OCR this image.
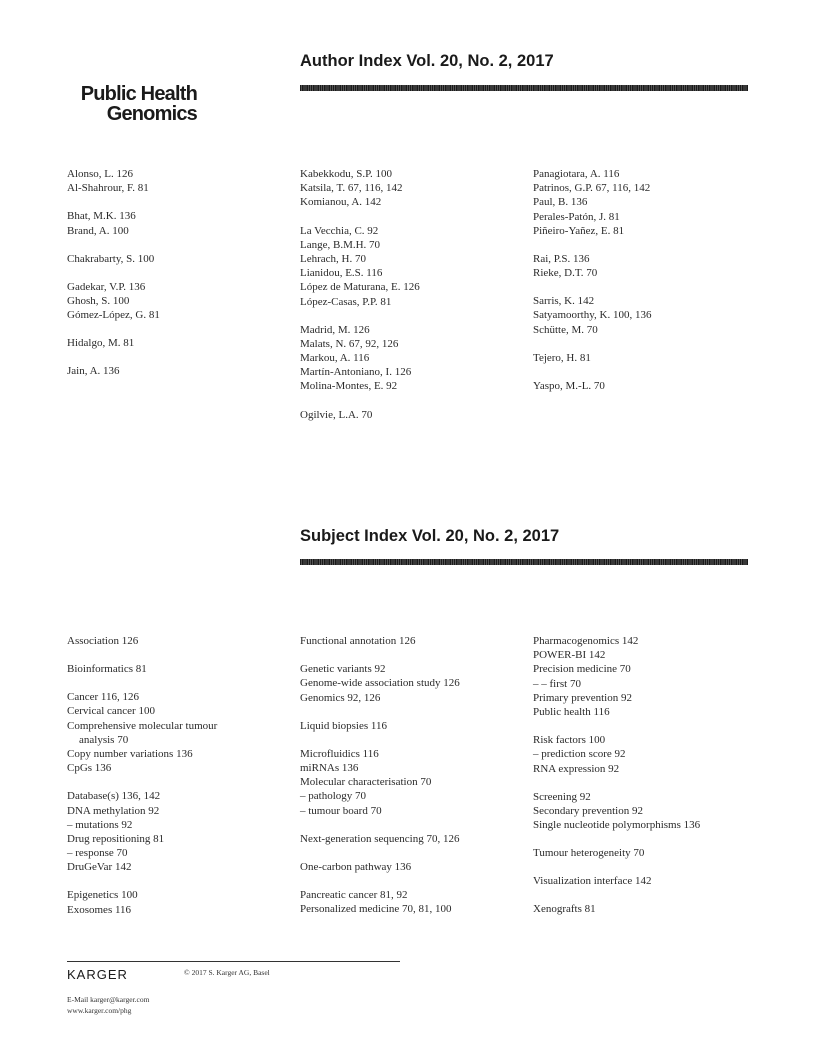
Public Health
Genomics
Author Index Vol. 20, No. 2, 2017
Alonso, L. 126
Al-Shahrour, F. 81
Bhat, M.K. 136
Brand, A. 100
Chakrabarty, S. 100
Gadekar, V.P. 136
Ghosh, S. 100
Gómez-López, G. 81
Hidalgo, M. 81
Jain, A. 136
Kabekkodu, S.P. 100
Katsila, T. 67, 116, 142
Komianou, A. 142
La Vecchia, C. 92
Lange, B.M.H. 70
Lehrach, H. 70
Lianidou, E.S. 116
López de Maturana, E. 126
López-Casas, P.P. 81
Madrid, M. 126
Malats, N. 67, 92, 126
Markou, A. 116
Martín-Antoniano, I. 126
Molina-Montes, E. 92
Ogilvie, L.A. 70
Panagiotara, A. 116
Patrinos, G.P. 67, 116, 142
Paul, B. 136
Perales-Patón, J. 81
Piñeiro-Yañez, E. 81
Rai, P.S. 136
Rieke, D.T. 70
Sarris, K. 142
Satyamoorthy, K. 100, 136
Schütte, M. 70
Tejero, H. 81
Yaspo, M.-L. 70
Subject Index Vol. 20, No. 2, 2017
Association 126
Bioinformatics 81
Cancer 116, 126
Cervical cancer 100
Comprehensive molecular tumour
analysis 70
Copy number variations 136
CpGs 136
Database(s) 136, 142
DNA methylation 92
– mutations 92
Drug repositioning 81
– response 70
DruGeVar 142
Epigenetics 100
Exosomes 116
Functional annotation 126
Genetic variants 92
Genome-wide association study 126
Genomics 92, 126
Liquid biopsies 116
Microfluidics 116
miRNAs 136
Molecular characterisation 70
– pathology 70
– tumour board 70
Next-generation sequencing 70, 126
One-carbon pathway 136
Pancreatic cancer 81, 92
Personalized medicine 70, 81, 100
Pharmacogenomics 142
POWER-BI 142
Precision medicine 70
– – first 70
Primary prevention 92
Public health 116
Risk factors 100
– prediction score 92
RNA expression 92
Screening 92
Secondary prevention 92
Single nucleotide polymorphisms 136
Tumour heterogeneity 70
Visualization interface 142
Xenografts 81
KARGER	© 2017 S. Karger AG, Basel
E-Mail karger@karger.com
www.karger.com/phg
